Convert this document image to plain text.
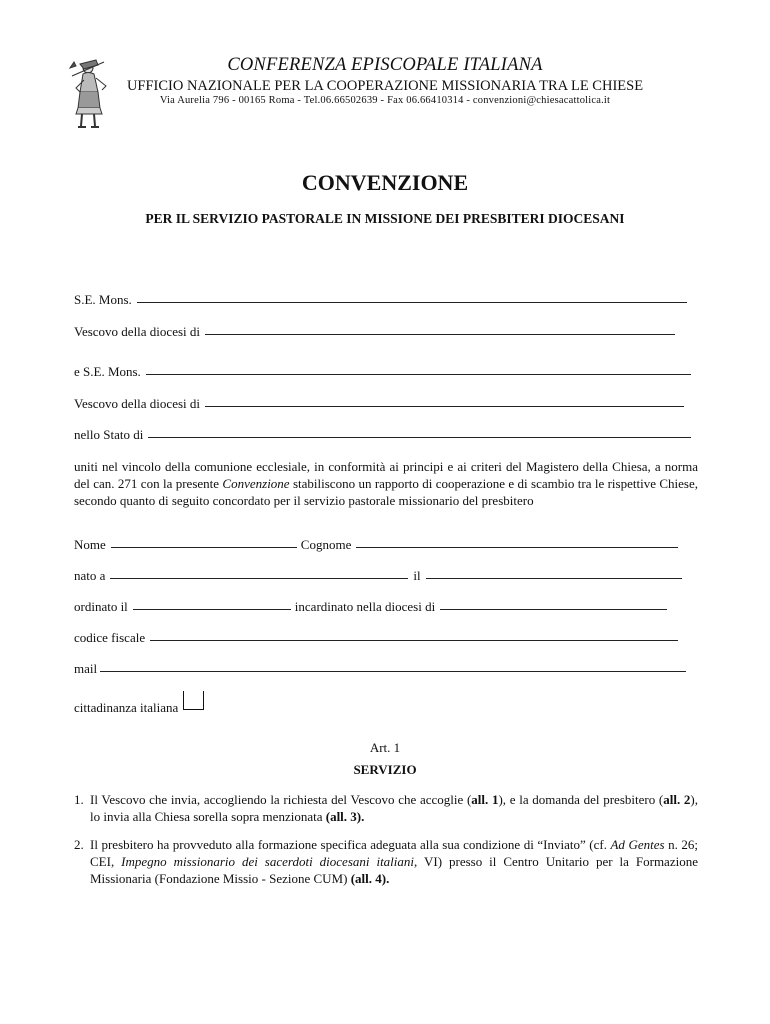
CONFERENZA EPISCOPALE ITALIANA
UFFICIO NAZIONALE PER LA COOPERAZIONE MISSIONARIA TRA LE CHIESE
Via Aurelia 796 - 00165 Roma - Tel.06.66502639 - Fax 06.66410314 - convenzioni@chiesacattolica.it
CONVENZIONE
PER IL SERVIZIO PASTORALE IN MISSIONE DEI PRESBITERI DIOCESANI
S.E. Mons.
Vescovo della diocesi di
e S.E. Mons.
Vescovo della diocesi di
nello Stato di
uniti nel vincolo della comunione ecclesiale, in conformità ai principi e ai criteri del Magistero della Chiesa, a norma del can. 271 con la presente Convenzione stabiliscono un rapporto di cooperazione e di scambio tra le rispettive Chiese, secondo quanto di seguito concordato per il servizio pastorale missionario del presbitero
Nome	Cognome
nato a	il
ordinato il	incardinato nella diocesi di
codice fiscale
mail
cittadinanza italiana
Art. 1
SERVIZIO
1. Il Vescovo che invia, accogliendo la richiesta del Vescovo che accoglie (all. 1), e la domanda del presbitero (all. 2), lo invia alla Chiesa sorella sopra menzionata (all. 3).
2. Il presbitero ha provveduto alla formazione specifica adeguata alla sua condizione di “Inviato” (cf. Ad Gentes n. 26; CEI, Impegno missionario dei sacerdoti diocesani italiani, VI) presso il Centro Unitario per la Formazione Missionaria (Fondazione Missio - Sezione CUM) (all. 4).
